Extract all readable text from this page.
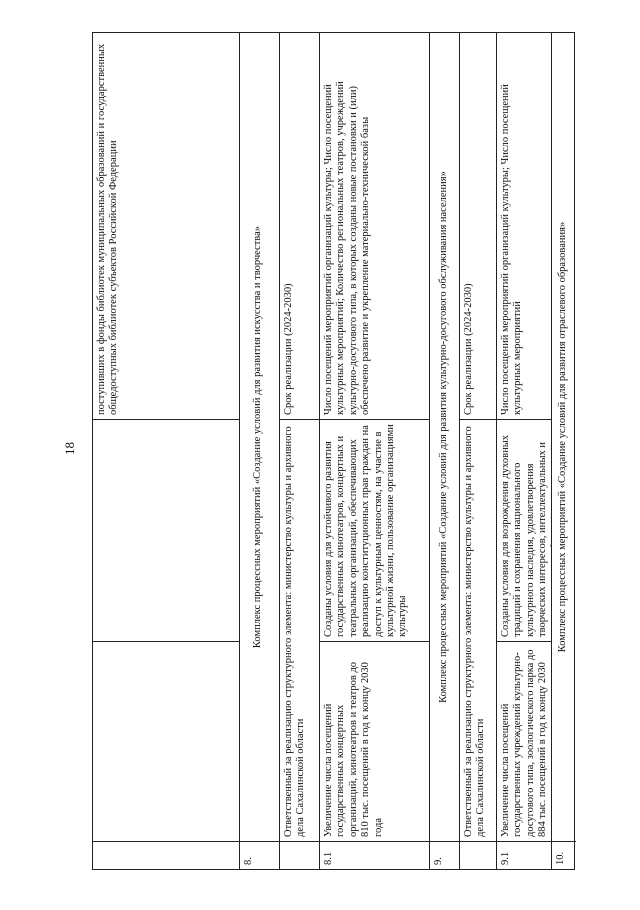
18
поступивших в фонды библиотек муниципальных образований и государственных общедоступных библиотек субъектов Российской Федерации
8.
Комплекс процессных мероприятий «Создание условий для развития искусства и творчества»	Ответственный за реализацию структурного элемента: министерство культуры и архивного дела Сахалинской области
Срок реализации (2024-2030)
8.1
Увеличение числа посещений государственных концертных организаций, кинотеатров и театров до 810 тыс. посещений в год к концу 2030 года
Созданы условия для устойчивого развития государственных кинотеатров, концертных и театральных организаций, обеспечивающих реализацию конституционных прав граждан на доступ к культурным ценностям, на участие в культурной жизни, пользование организациями культуры
Число посещений мероприятий организаций культуры; Число посещений культурных мероприятий; Количество региональных театров, учреждений культурно-досугового типа, в которых созданы новые постановки и (или) обеспечено развитие и укрепление материально-технической базы
9.
Комплекс процессных мероприятий «Создание условий для развития культурно-досугового обслуживания населения»	Ответственный за реализацию структурного элемента: министерство культуры и архивного дела Сахалинской области
Срок реализации (2024-2030)
9.1
Увеличение числа посещений государственных учреждений культурно-досугового типа, зоологического парка до 884 тыс. посещений в год к концу 2030
Созданы условия для возрождения духовных традиций и сохранения национального культурного наследия, удовлетворения творческих интересов, интеллектуальных и
Число посещений мероприятий организаций культуры; Число посещений культурных мероприятий
10.
Комплекс процессных мероприятий «Создание условий для развития отраслевого образования»
